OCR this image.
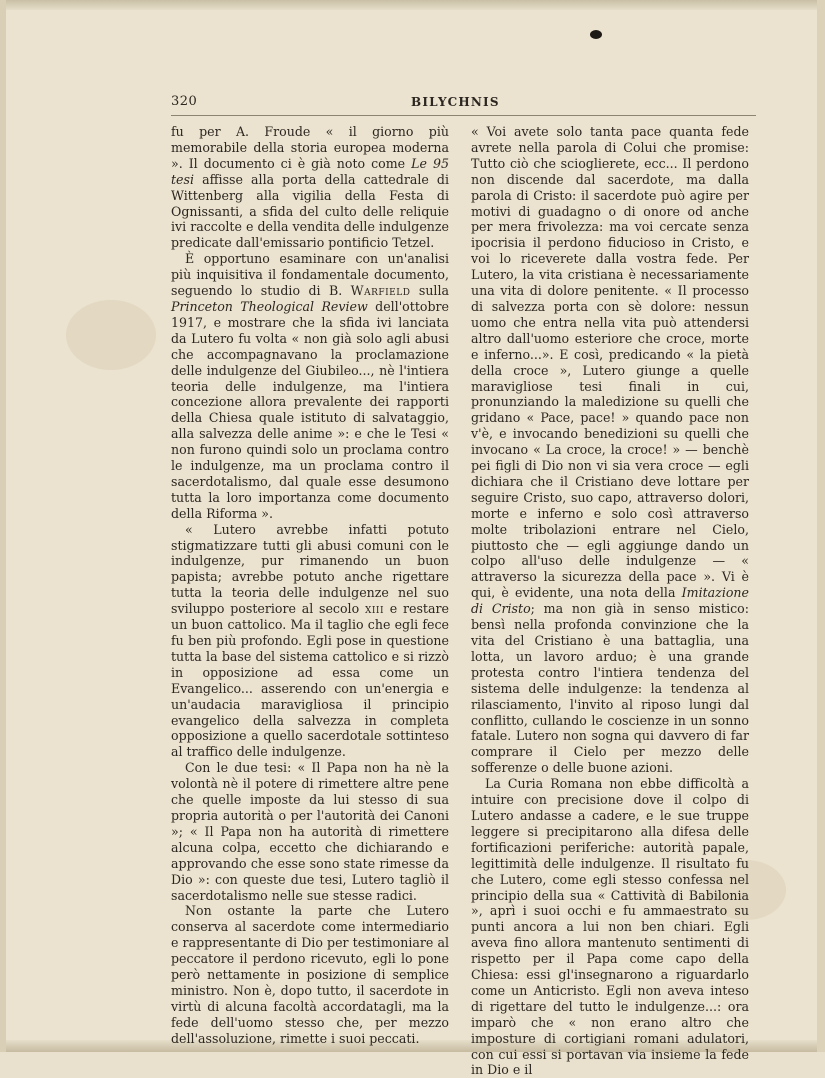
320	BILYCHNIS

fu per A. Froude « il giorno più memorabile della storia europea moderna ». Il documento ci è già noto come Le 95 tesi affisse alla porta della cattedrale di Wittenberg alla vigilia della Festa di Ognissanti, a sfida del culto delle reliquie ivi raccolte e della vendita delle indulgenze predicate dall'emissario pontificio Tetzel.

È opportuno esaminare con un'analisi più inquisitiva il fondamentale documento, seguendo lo studio di B. Warfield sulla Princeton Theological Review dell'ottobre 1917, e mostrare che la sfida ivi lanciata da Lutero fu volta « non già solo agli abusi che accompagnavano la proclamazione delle indulgenze del Giubileo..., nè l'intiera teoria delle indulgenze, ma l'intiera concezione allora prevalente dei rapporti della Chiesa quale istituto di salvataggio, alla salvezza delle anime »: e che le Tesi « non furono quindi solo un proclama contro le indulgenze, ma un proclama contro il sacerdotalismo, dal quale esse desumono tutta la loro importanza come documento della Riforma ».

« Lutero avrebbe infatti potuto stigmatizzare tutti gli abusi comuni con le indulgenze, pur rimanendo un buon papista; avrebbe potuto anche rigettare tutta la teoria delle indulgenze nel suo sviluppo posteriore al secolo xiii e restare un buon cattolico. Ma il taglio che egli fece fu ben più profondo. Egli pose in questione tutta la base del sistema cattolico e si rizzò in opposizione ad essa come un Evangelico... asserendo con un'energia e un'audacia maravigliosa il principio evangelico della salvezza in completa opposizione a quello sacerdotale sottinteso al traffico delle indulgenze.

Con le due tesi: « Il Papa non ha nè la volontà nè il potere di rimettere altre pene che quelle imposte da lui stesso di sua propria autorità o per l'autorità dei Canoni »; « Il Papa non ha autorità di rimettere alcuna colpa, eccetto che dichiarando e approvando che esse sono state rimesse da Dio »: con queste due tesi, Lutero tagliò il sacerdotalismo nelle sue stesse radici.

Non ostante la parte che Lutero conserva al sacerdote come intermediario e rappresentante di Dio per testimoniare al peccatore il perdono ricevuto, egli lo pone però nettamente in posizione di semplice ministro. Non è, dopo tutto, il sacerdote in virtù di alcuna facoltà accordatagli, ma la fede dell'uomo stesso che, per mezzo dell'assoluzione, rimette i suoi peccati.

« Voi avete solo tanta pace quanta fede avrete nella parola di Colui che promise: Tutto ciò che scioglierete, ecc... Il perdono non discende dal sacerdote, ma dalla parola di Cristo: il sacerdote può agire per motivi di guadagno o di onore od anche per mera frivolezza: ma voi cercate senza ipocrisia il perdono fiducioso in Cristo, e voi lo riceverete dalla vostra fede. Per Lutero, la vita cristiana è necessariamente una vita di dolore penitente. « Il processo di salvezza porta con sè dolore: nessun uomo che entra nella vita può attendersi altro dall'uomo esteriore che croce, morte e inferno...». E così, predicando « la pietà della croce », Lutero giunge a quelle maravigliose tesi finali in cui, pronunziando la maledizione su quelli che gridano « Pace, pace! » quando pace non v'è, e invocando benedizioni su quelli che invocano « La croce, la croce! » — benchè pei figli di Dio non vi sia vera croce — egli dichiara che il Cristiano deve lottare per seguire Cristo, suo capo, attraverso dolori, morte e inferno e solo così attraverso molte tribolazioni entrare nel Cielo, piuttosto che — egli aggiunge dando un colpo all'uso delle indulgenze — « attraverso la sicurezza della pace ». Vi è qui, è evidente, una nota della Imitazione di Cristo; ma non già in senso mistico: bensì nella profonda convinzione che la vita del Cristiano è una battaglia, una lotta, un lavoro arduo; è una grande protesta contro l'intiera tendenza del sistema delle indulgenze: la tendenza al rilasciamento, l'invito al riposo lungi dal conflitto, cullando le coscienze in un sonno fatale. Lutero non sogna qui davvero di far comprare il Cielo per mezzo delle sofferenze o delle buone azioni.

La Curia Romana non ebbe difficoltà a intuire con precisione dove il colpo di Lutero andasse a cadere, e le sue truppe leggere si precipitarono alla difesa delle fortificazioni periferiche: autorità papale, legittimità delle indulgenze. Il risultato fu che Lutero, come egli stesso confessa nel principio della sua « Cattività di Babilonia », aprì i suoi occhi e fu ammaestrato su punti ancora a lui non ben chiari. Egli aveva fino allora mantenuto sentimenti di rispetto per il Papa come capo della Chiesa: essi gl'insegnarono a riguardarlo come un Anticristo. Egli non aveva inteso di rigettare del tutto le indulgenze...: ora imparò che « non erano altro che imposture di cortigiani romani adulatori, con cui essi si portavan via insieme la fede in Dio e il
